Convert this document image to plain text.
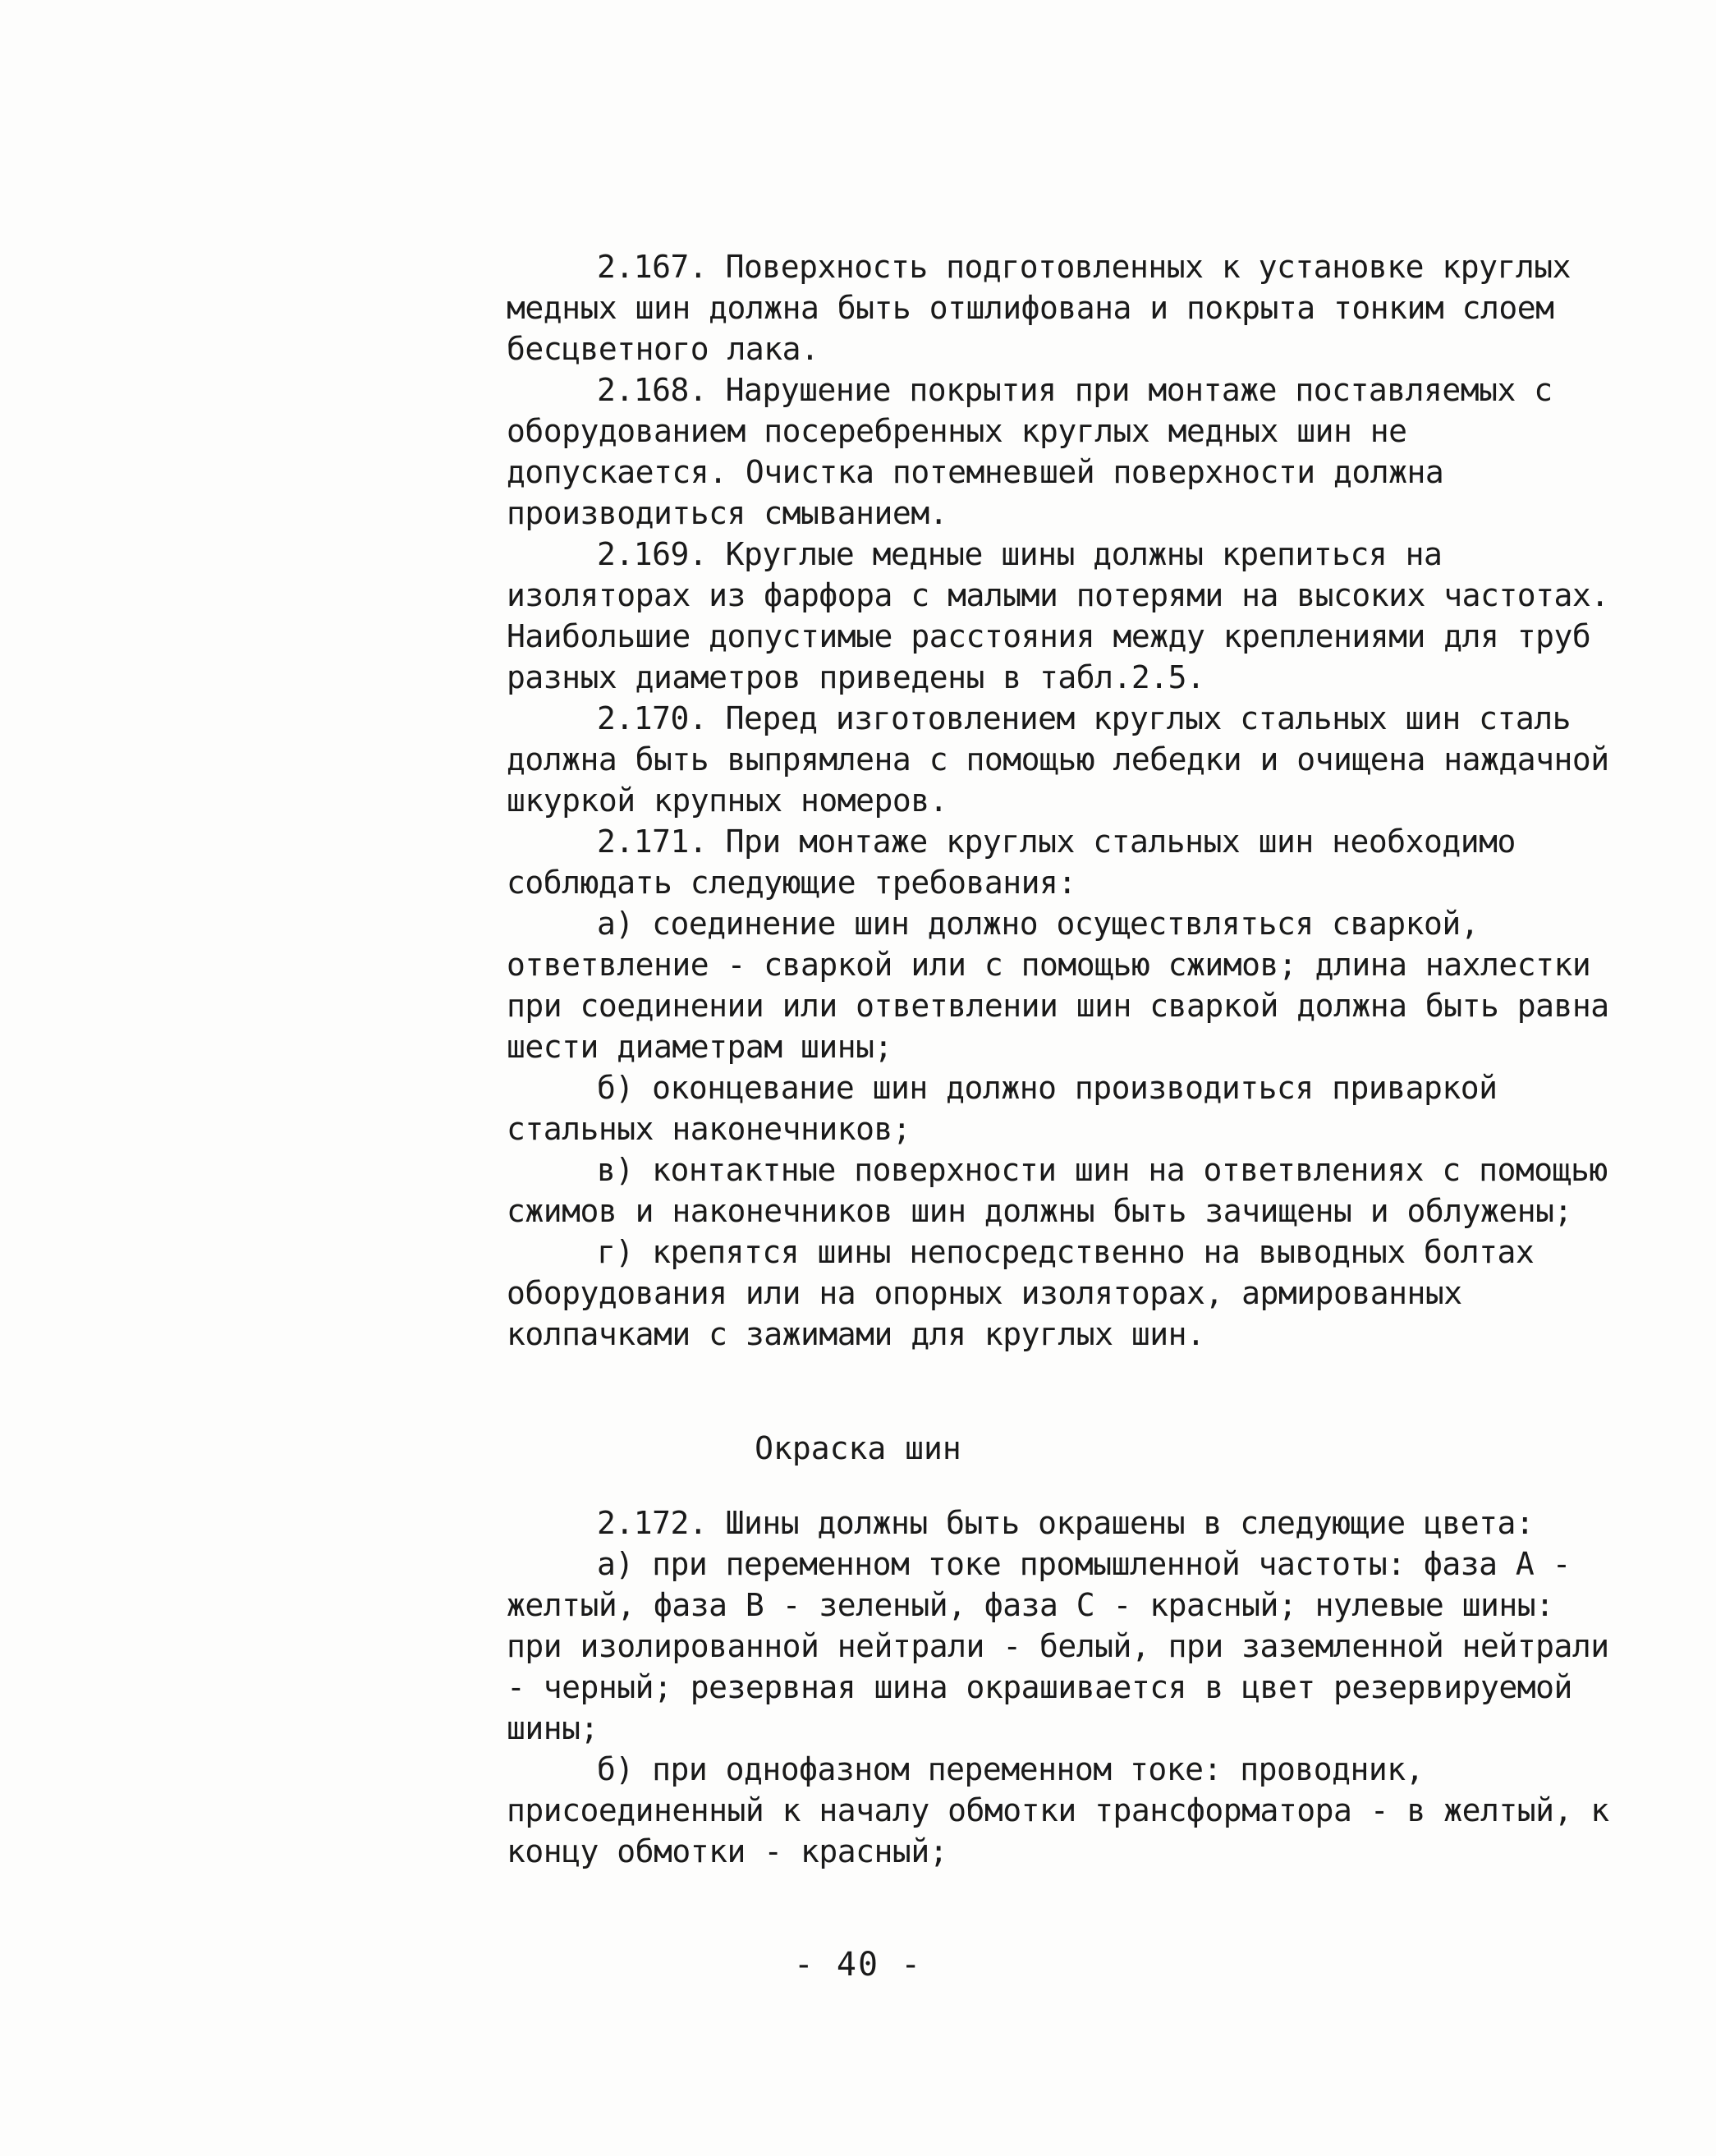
2.167. Поверхность подготовленных к установке круглых медных шин должна быть отшлифована и покрыта тонким слоем бесцветного лака.

2.168. Нарушение покрытия при монтаже поставляемых с оборудованием посеребренных круглых медных шин не допускается. Очистка потемневшей поверхности должна производиться смыванием.

2.169. Круглые медные шины должны крепиться на изоляторах из фарфора с малыми потерями на высоких частотах. Наибольшие допустимые расстояния между креплениями для труб разных диаметров приведены в табл.2.5.

2.170. Перед изготовлением круглых стальных шин сталь должна быть выпрямлена с помощью лебедки и очищена наждачной шкуркой крупных номеров.

2.171. При монтаже круглых стальных шин необходимо соблюдать следующие требования:

а) соединение шин должно осуществляться сваркой, ответвление - сваркой или с помощью сжимов; длина нахлестки при соединении или ответвлении шин сваркой должна быть равна шести диаметрам шины;

б) оконцевание шин должно производиться приваркой стальных наконечников;

в) контактные поверхности шин на ответвлениях с помощью сжимов и наконечников шин должны быть зачищены и облужены;

г) крепятся шины непосредственно на выводных болтах оборудования или на опорных изоляторах, армированных колпачками с зажимами для круглых шин.

Окраска шин

2.172. Шины должны быть окрашены в следующие цвета:

а) при переменном токе промышленной частоты: фаза А - желтый, фаза В - зеленый, фаза С - красный; нулевые шины: при изолированной нейтрали - белый, при заземленной нейтрали - черный; резервная шина окрашивается в цвет резервируемой шины;

б) при однофазном переменном токе: проводник, присоединенный к началу обмотки трансформатора - в желтый, к концу обмотки - красный;

- 40 -
